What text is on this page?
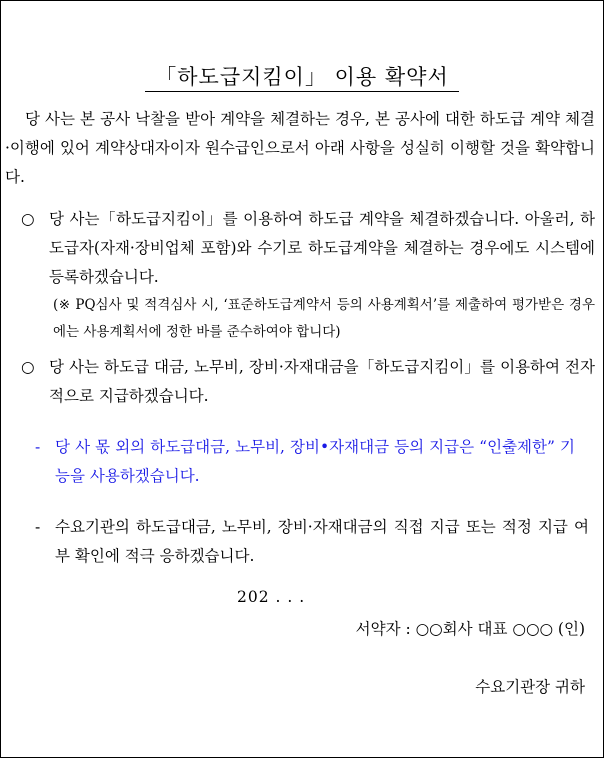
「하도급지킴이」 이용 확약서
당 사는 본 공사 낙찰을 받아 계약을 체결하는 경우, 본 공사에 대한 하도급 계약 체결·이행에 있어 계약상대자이자 원수급인으로서 아래 사항을 성실히 이행할 것을 확약합니다.
○ 당 사는「하도급지킴이」를 이용하여 하도급 계약을 체결하겠습니다. 아울러, 하도급자(자재·장비업체 포함)와 수기로 하도급계약을 체결하는 경우에도 시스템에 등록하겠습니다.
(※ PQ심사 및 적격심사 시, ‘표준하도급계약서 등의 사용계획서’를 제출하여 평가받은 경우에는 사용계획서에 정한 바를 준수하여야 합니다)
○ 당 사는 하도급 대금, 노무비, 장비·자재대금을「하도급지킴이」를 이용하여 전자적으로 지급하겠습니다.
- 당 사 몫 외의 하도급대금, 노무비, 장비•자재대금 등의 지급은 “인출제한” 기능을 사용하겠습니다.
- 수요기관의 하도급대금, 노무비, 장비·자재대금의 직접 지급 또는 적정 지급 여부 확인에 적극 응하겠습니다.
202 . . .
서약자 : ○○회사 대표 ○○○ (인)
수요기관장 귀하
